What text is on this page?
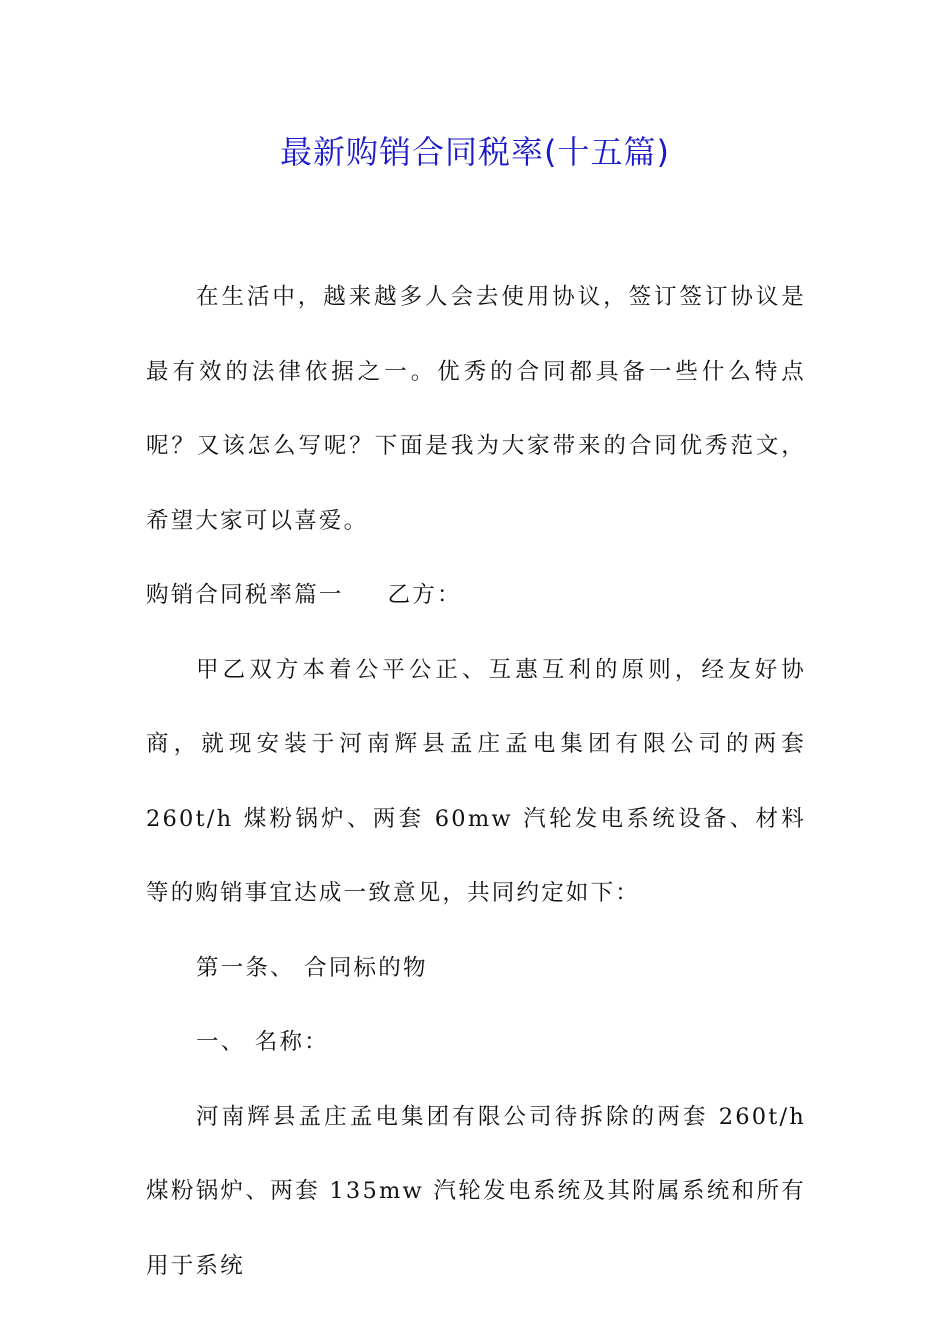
最新购销合同税率(十五篇)

在生活中，越来越多人会去使用协议，签订签订协议是最有效的法律依据之一。优秀的合同都具备一些什么特点呢？又该怎么写呢？下面是我为大家带来的合同优秀范文，希望大家可以喜爱。

购销合同税率篇一 乙方：

甲乙双方本着公平公正、互惠互利的原则，经友好协商，就现安装于河南辉县孟庄孟电集团有限公司的两套 260t/h 煤粉锅炉、两套 60mw 汽轮发电系统设备、材料等的购销事宜达成一致意见，共同约定如下：

第一条、 合同标的物

一、 名称：

河南辉县孟庄孟电集团有限公司待拆除的两套 260t/h 煤粉锅炉、两套 135mw 汽轮发电系统及其附属系统和所有用于系统
